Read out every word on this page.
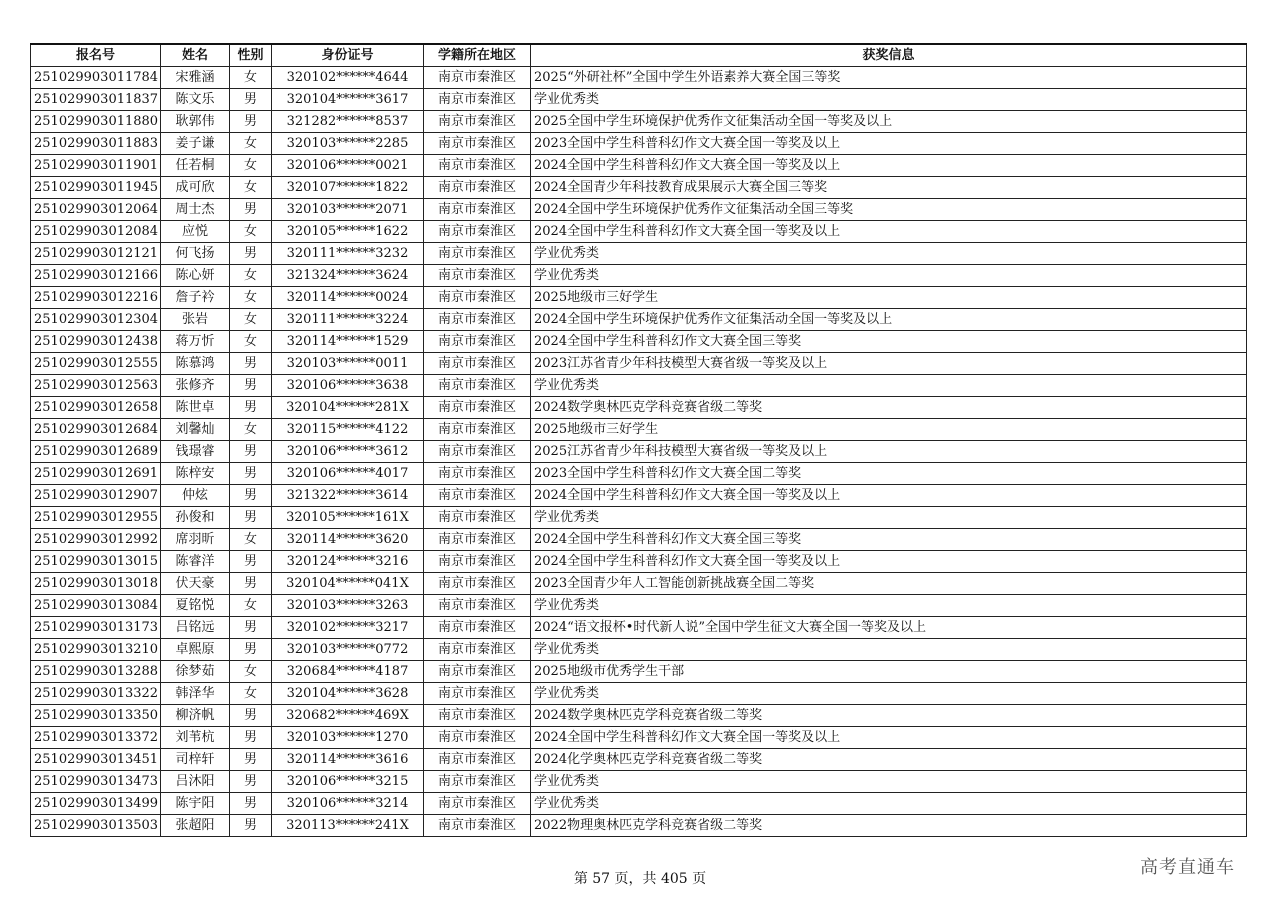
报名号	姓名	性别	身份证号	学籍所在地区	获奖信息
251029903011784	宋雅涵	女	320102******4644	南京市秦淮区	2025“外研社杯”全国中学生外语素养大赛全国三等奖
251029903011837	陈文乐	男	320104******3617	南京市秦淮区	学业优秀类
251029903011880	耿郭伟	男	321282******8537	南京市秦淮区	2025全国中学生环境保护优秀作文征集活动全国一等奖及以上
251029903011883	姜子谦	女	320103******2285	南京市秦淮区	2023全国中学生科普科幻作文大赛全国一等奖及以上
251029903011901	任若桐	女	320106******0021	南京市秦淮区	2024全国中学生科普科幻作文大赛全国一等奖及以上
251029903011945	成可欣	女	320107******1822	南京市秦淮区	2024全国青少年科技教育成果展示大赛全国三等奖
251029903012064	周士杰	男	320103******2071	南京市秦淮区	2024全国中学生环境保护优秀作文征集活动全国三等奖
251029903012084	应悦	女	320105******1622	南京市秦淮区	2024全国中学生科普科幻作文大赛全国一等奖及以上
251029903012121	何飞扬	男	320111******3232	南京市秦淮区	学业优秀类
251029903012166	陈心妍	女	321324******3624	南京市秦淮区	学业优秀类
251029903012216	詹子衿	女	320114******0024	南京市秦淮区	2025地级市三好学生
251029903012304	张岩	女	320111******3224	南京市秦淮区	2024全国中学生环境保护优秀作文征集活动全国一等奖及以上
251029903012438	蒋万忻	女	320114******1529	南京市秦淮区	2024全国中学生科普科幻作文大赛全国三等奖
251029903012555	陈慕鸿	男	320103******0011	南京市秦淮区	2023江苏省青少年科技模型大赛省级一等奖及以上
251029903012563	张修齐	男	320106******3638	南京市秦淮区	学业优秀类
251029903012658	陈世卓	男	320104******281X	南京市秦淮区	2024数学奥林匹克学科竞赛省级二等奖
251029903012684	刘馨灿	女	320115******4122	南京市秦淮区	2025地级市三好学生
251029903012689	钱璟睿	男	320106******3612	南京市秦淮区	2025江苏省青少年科技模型大赛省级一等奖及以上
251029903012691	陈梓安	男	320106******4017	南京市秦淮区	2023全国中学生科普科幻作文大赛全国二等奖
251029903012907	仲炫	男	321322******3614	南京市秦淮区	2024全国中学生科普科幻作文大赛全国一等奖及以上
251029903012955	孙俊和	男	320105******161X	南京市秦淮区	学业优秀类
251029903012992	席羽昕	女	320114******3620	南京市秦淮区	2024全国中学生科普科幻作文大赛全国三等奖
251029903013015	陈睿洋	男	320124******3216	南京市秦淮区	2024全国中学生科普科幻作文大赛全国一等奖及以上
251029903013018	伏天豪	男	320104******041X	南京市秦淮区	2023全国青少年人工智能创新挑战赛全国二等奖
251029903013084	夏铭悦	女	320103******3263	南京市秦淮区	学业优秀类
251029903013173	吕铭远	男	320102******3217	南京市秦淮区	2024“语文报杯•时代新人说”全国中学生征文大赛全国一等奖及以上
251029903013210	卓熙原	男	320103******0772	南京市秦淮区	学业优秀类
251029903013288	徐梦茹	女	320684******4187	南京市秦淮区	2025地级市优秀学生干部
251029903013322	韩泽华	女	320104******3628	南京市秦淮区	学业优秀类
251029903013350	柳济帆	男	320682******469X	南京市秦淮区	2024数学奥林匹克学科竞赛省级二等奖
251029903013372	刘苇杭	男	320103******1270	南京市秦淮区	2024全国中学生科普科幻作文大赛全国一等奖及以上
251029903013451	司梓轩	男	320114******3616	南京市秦淮区	2024化学奥林匹克学科竞赛省级二等奖
251029903013473	吕沐阳	男	320106******3215	南京市秦淮区	学业优秀类
251029903013499	陈宇阳	男	320106******3214	南京市秦淮区	学业优秀类
251029903013503	张超阳	男	320113******241X	南京市秦淮区	2022物理奥林匹克学科竞赛省级二等奖
第 57 页，共 405 页
高考直通车
